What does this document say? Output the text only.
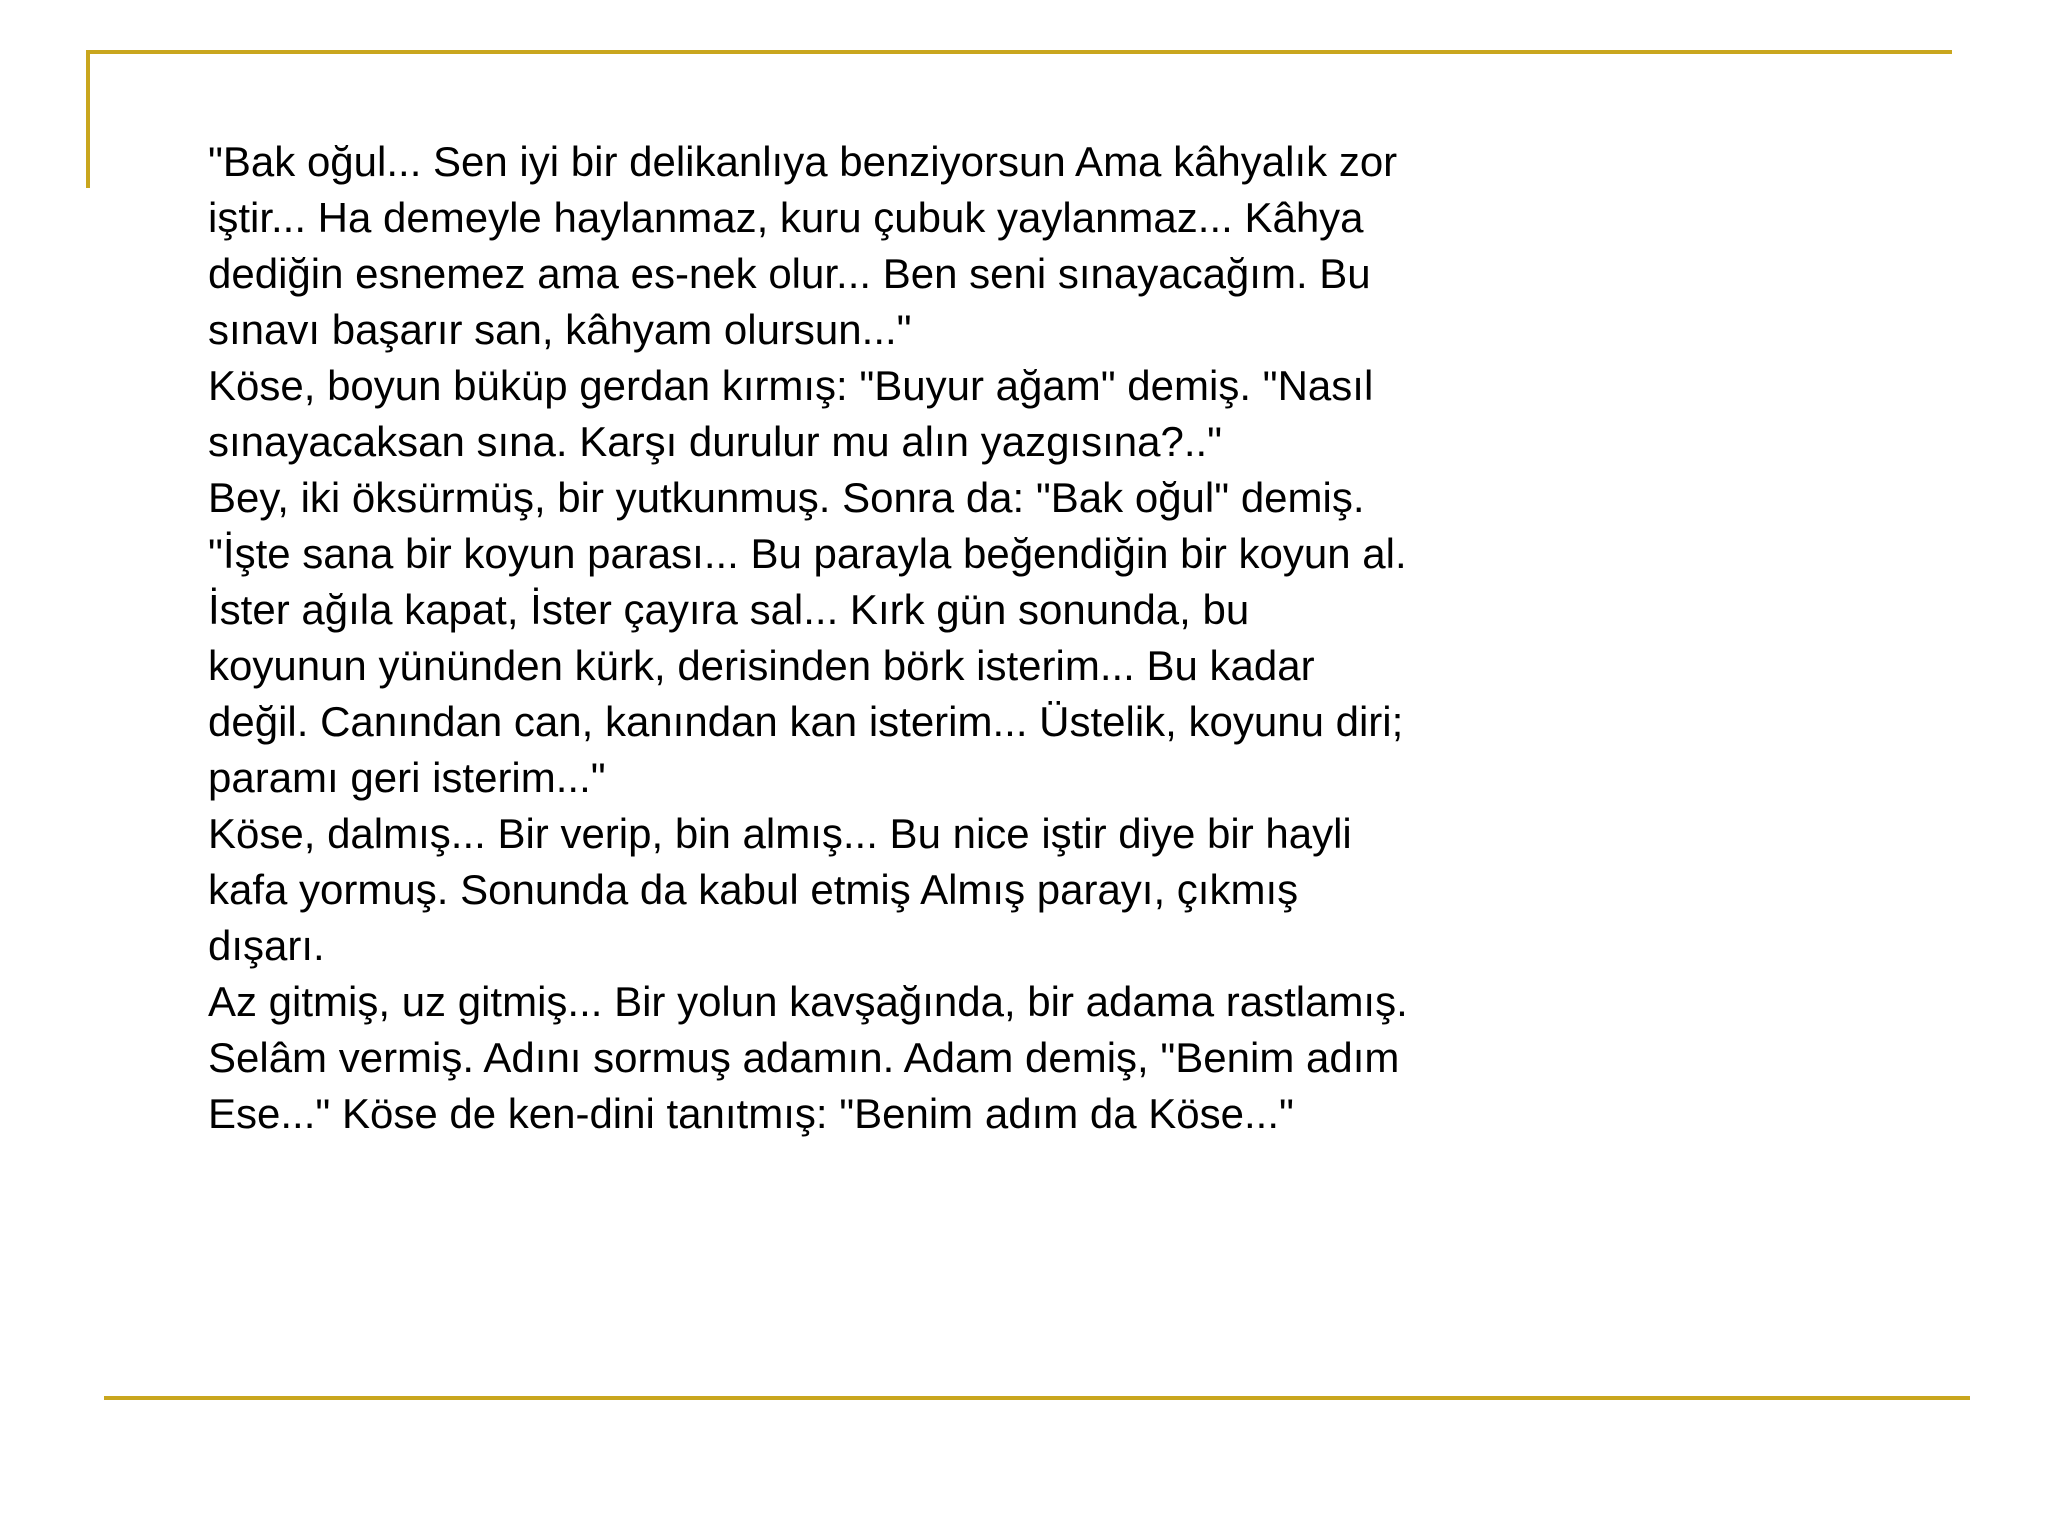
"Bak oğul... Sen iyi bir delikanlıya benziyorsun Ama kâhyalık zor
iştir... Ha demeyle haylanmaz, kuru çubuk yaylanmaz... Kâhya
dediğin esnemez ama es-nek olur... Ben seni sınayacağım. Bu
sınavı başarır san, kâhyam olursun..."
Köse, boyun büküp gerdan kırmış: "Buyur ağam" demiş. "Nasıl
sınayacaksan sına. Karşı durulur mu alın yazgısına?.."
Bey, iki öksürmüş, bir yutkunmuş. Sonra da: "Bak oğul" demiş.
"İşte sana bir koyun parası... Bu parayla beğendiğin bir koyun al.
İster ağıla kapat, İster çayıra sal... Kırk gün sonunda, bu
koyunun yününden kürk, derisinden börk isterim... Bu kadar
değil. Canından can, kanından kan isterim... Üstelik, koyunu diri;
paramı geri isterim..."
Köse, dalmış... Bir verip, bin almış... Bu nice iştir diye bir hayli
kafa yormuş. Sonunda da kabul etmiş Almış parayı, çıkmış
dışarı.
Az gitmiş, uz gitmiş... Bir yolun kavşağında, bir adama rastlamış.
Selâm vermiş. Adını sormuş adamın. Adam demiş, "Benim adım
Ese..." Köse de ken-dini tanıtmış: "Benim adım da Köse..."
